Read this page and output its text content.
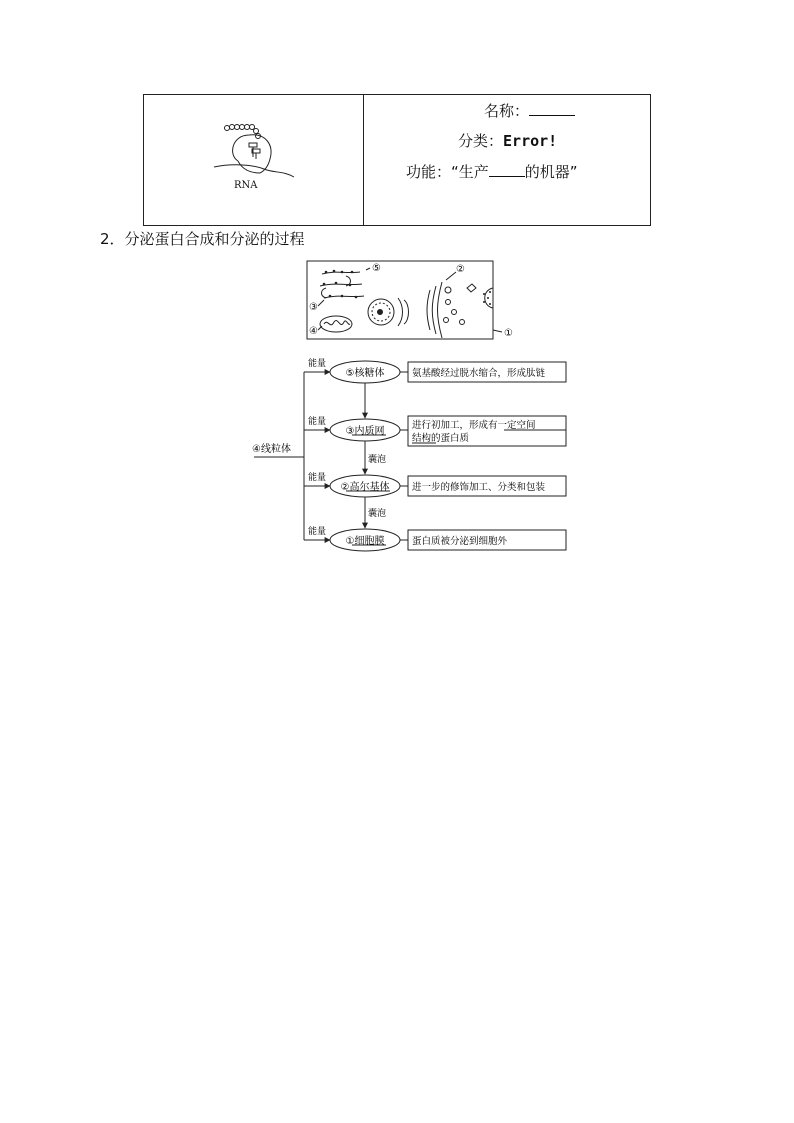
RNA
名称：
分类：Error!
功能：“生产 的机器”
2．分泌蛋白合成和分泌的过程
⑤	②
③
④	①
④线粒体
能量
能量
能量
能量
囊泡
囊泡
⑤核糖体
③内质网
②高尔基体
①细胞膜
氨基酸经过脱水缩合，形成肽链
进行初加工，形成有一定空间
结构的蛋白质
进一步的修饰加工、分类和包装
蛋白质被分泌到细胞外
